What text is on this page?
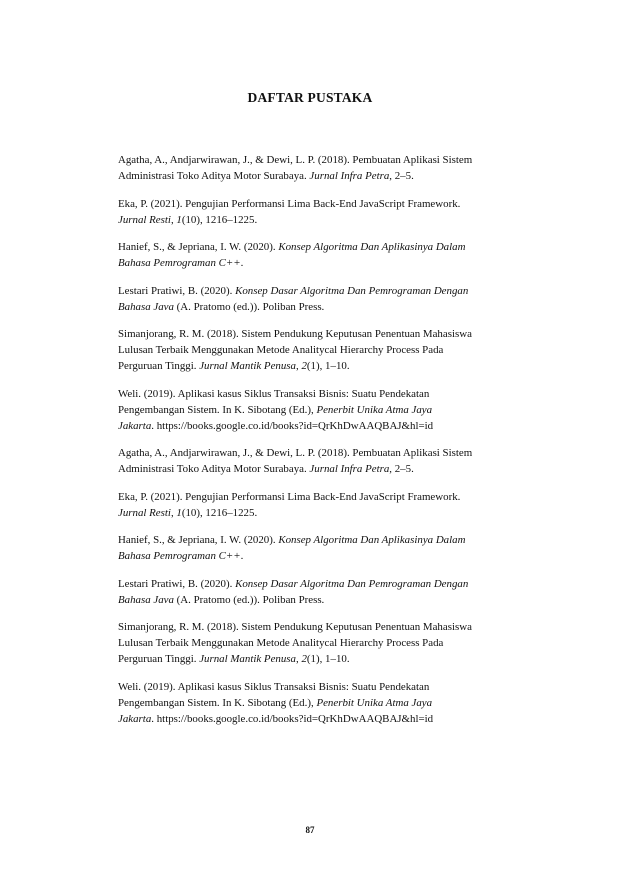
DAFTAR PUSTAKA
Agatha, A., Andjarwirawan, J., & Dewi, L. P. (2018). Pembuatan Aplikasi Sistem
Administrasi Toko Aditya Motor Surabaya. Jurnal Infra Petra, 2–5.
Eka, P. (2021). Pengujian Performansi Lima Back-End JavaScript Framework.
Jurnal Resti, 1(10), 1216–1225.
Hanief, S., & Jepriana, I. W. (2020). Konsep Algoritma Dan Aplikasinya Dalam
Bahasa Pemrograman C++.
Lestari Pratiwi, B. (2020). Konsep Dasar Algoritma Dan Pemrograman Dengan
Bahasa Java (A. Pratomo (ed.)). Poliban Press.
Simanjorang, R. M. (2018). Sistem Pendukung Keputusan Penentuan Mahasiswa
Lulusan Terbaik Menggunakan Metode Analitycal Hierarchy Process Pada
Perguruan Tinggi. Jurnal Mantik Penusa, 2(1), 1–10.
Weli. (2019). Aplikasi kasus Siklus Transaksi Bisnis: Suatu Pendekatan
Pengembangan Sistem. In K. Sibotang (Ed.), Penerbit Unika Atma Jaya
Jakarta. https://books.google.co.id/books?id=QrKhDwAAQBAJ&hl=id
Agatha, A., Andjarwirawan, J., & Dewi, L. P. (2018). Pembuatan Aplikasi Sistem
Administrasi Toko Aditya Motor Surabaya. Jurnal Infra Petra, 2–5.
Eka, P. (2021). Pengujian Performansi Lima Back-End JavaScript Framework.
Jurnal Resti, 1(10), 1216–1225.
Hanief, S., & Jepriana, I. W. (2020). Konsep Algoritma Dan Aplikasinya Dalam
Bahasa Pemrograman C++.
Lestari Pratiwi, B. (2020). Konsep Dasar Algoritma Dan Pemrograman Dengan
Bahasa Java (A. Pratomo (ed.)). Poliban Press.
Simanjorang, R. M. (2018). Sistem Pendukung Keputusan Penentuan Mahasiswa
Lulusan Terbaik Menggunakan Metode Analitycal Hierarchy Process Pada
Perguruan Tinggi. Jurnal Mantik Penusa, 2(1), 1–10.
Weli. (2019). Aplikasi kasus Siklus Transaksi Bisnis: Suatu Pendekatan
Pengembangan Sistem. In K. Sibotang (Ed.), Penerbit Unika Atma Jaya
Jakarta. https://books.google.co.id/books?id=QrKhDwAAQBAJ&hl=id
87
